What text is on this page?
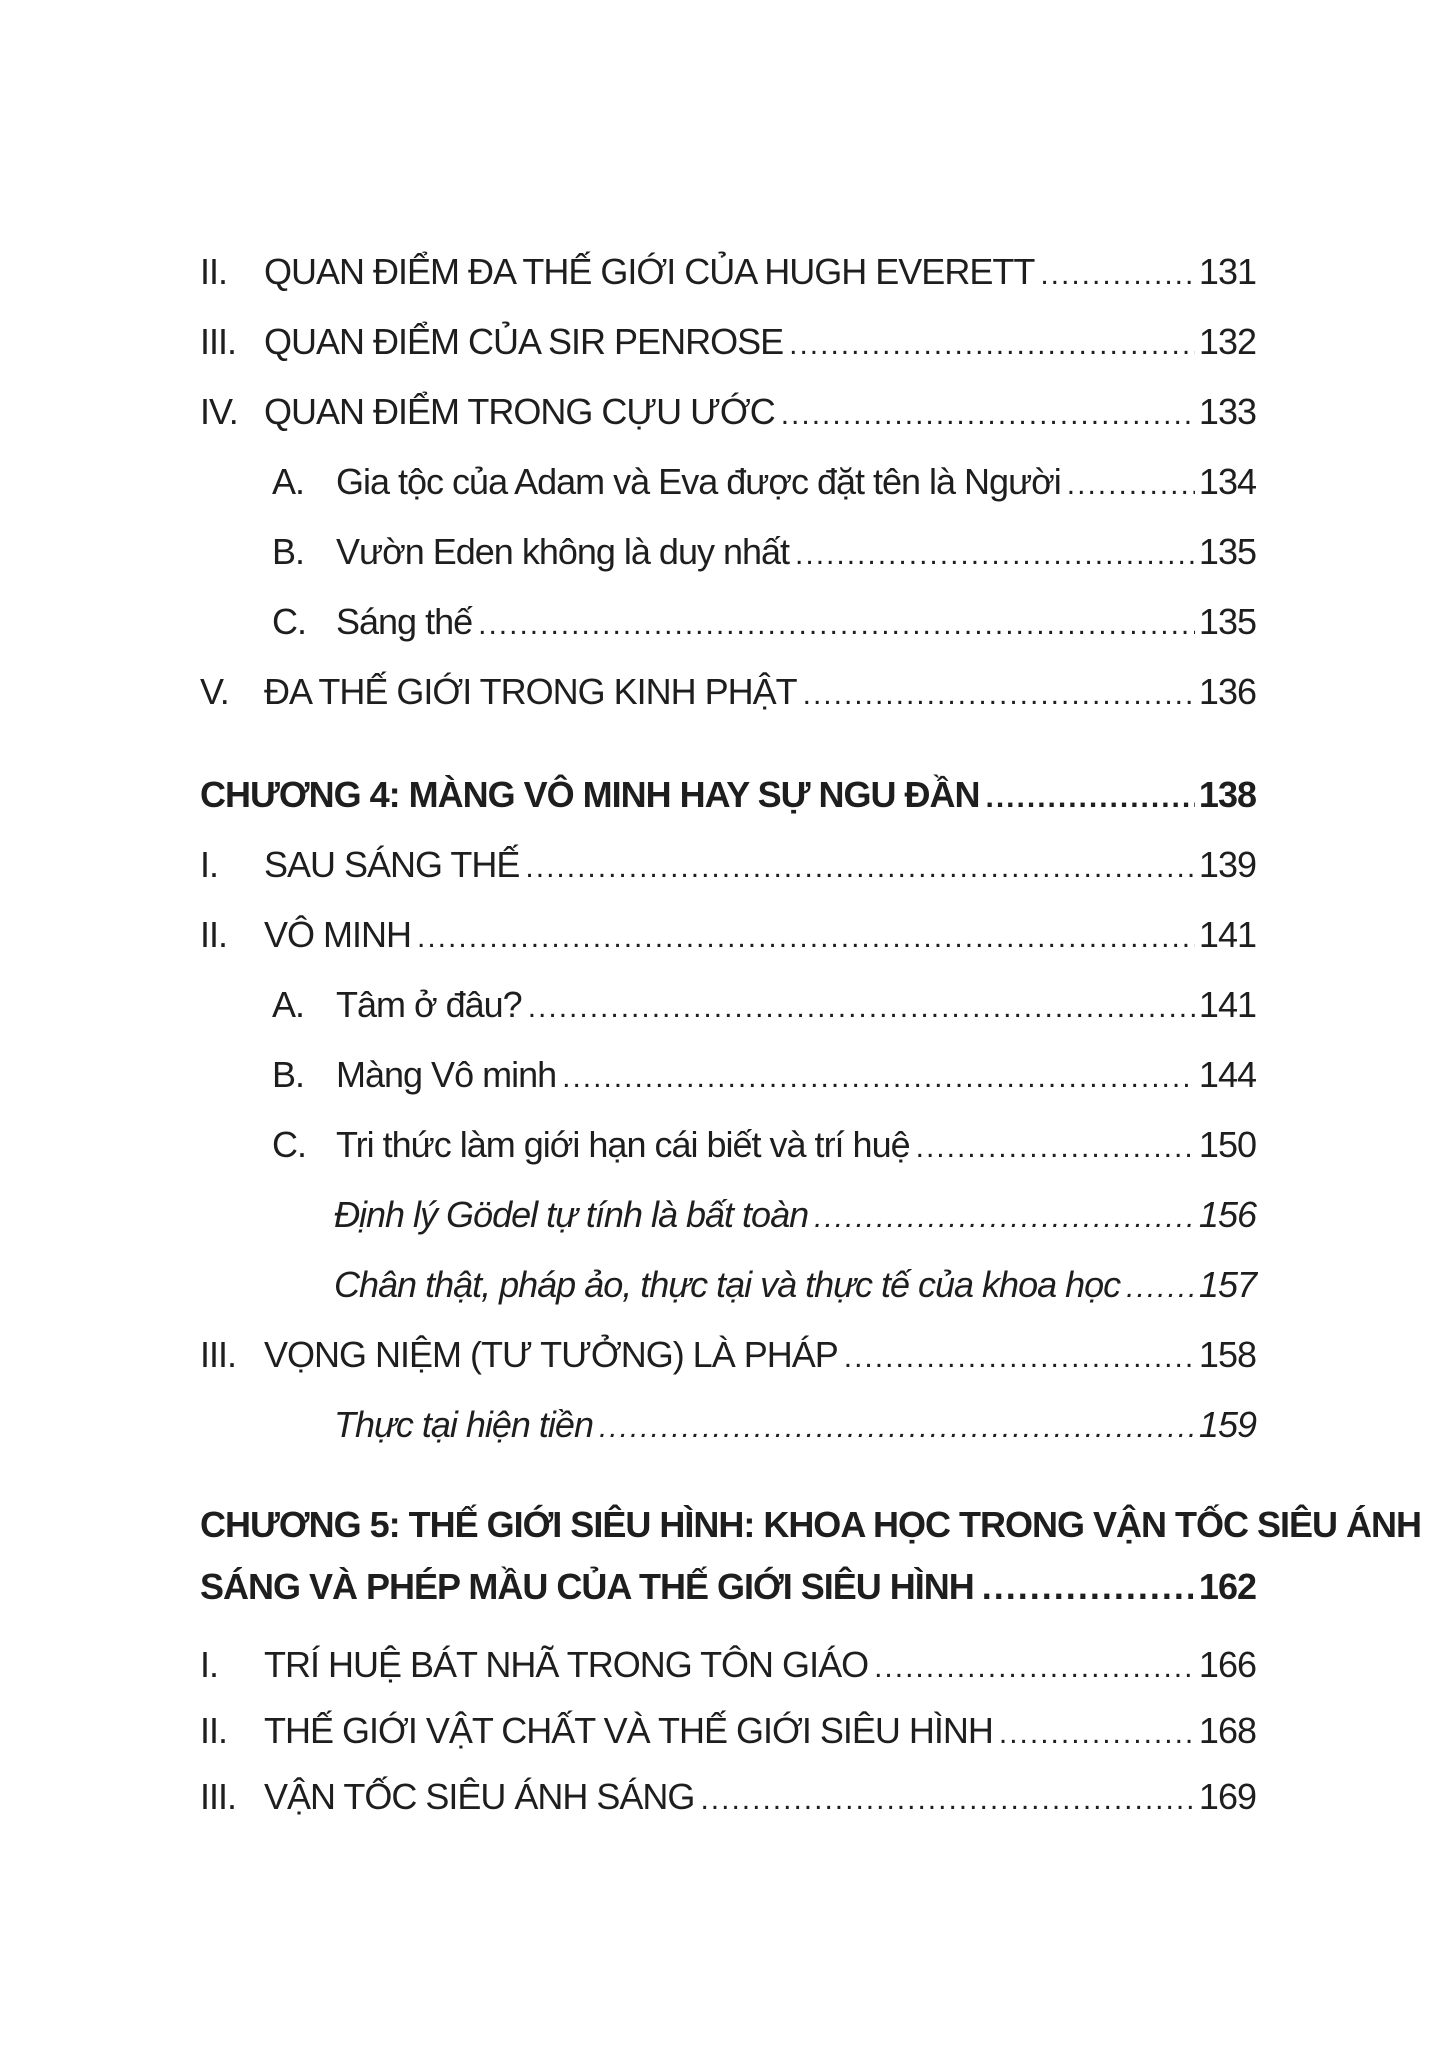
II.	QUAN ĐIỂM ĐA THẾ GIỚI CỦA HUGH EVERETT .....	131
III. QUAN ĐIỂM CỦA SIR PENROSE .....	132
IV. QUAN ĐIỂM TRONG CỰU ƯỚC .....	133
A. Gia tộc của Adam và Eva được đặt tên là Người .....	134
B. Vườn Eden không là duy nhất .....	135
C. Sáng thế .....	135
V. ĐA THẾ GIỚI TRONG KINH PHẬT .....	136
CHƯƠNG 4: MÀNG VÔ MINH HAY SỰ NGU ĐẦN .....	138
I.	SAU SÁNG THẾ .....	139
II.	VÔ MINH .....	141
A. Tâm ở đâu? .....	141
B. Màng Vô minh .....	144
C. Tri thức làm giới hạn cái biết và trí huệ .....	150
Định lý Gödel tự tính là bất toàn .....	156
Chân thật, pháp ảo, thực tại và thực tế của khoa học ..... 157
III. VỌNG NIỆM (TƯ TƯỞNG) LÀ PHÁP .....	158
Thực tại hiện tiền .....	159
CHƯƠNG 5: THẾ GIỚI SIÊU HÌNH: KHOA HỌC TRONG VẬN TỐC SIÊU ÁNH
SÁNG VÀ PHÉP MẦU CỦA THẾ GIỚI SIÊU HÌNH .....	162
I.	TRÍ HUỆ BÁT NHÃ TRONG TÔN GIÁO .....	166
II.	THẾ GIỚI VẬT CHẤT VÀ THẾ GIỚI SIÊU HÌNH .....	168
III. VẬN TỐC SIÊU ÁNH SÁNG .....	169
